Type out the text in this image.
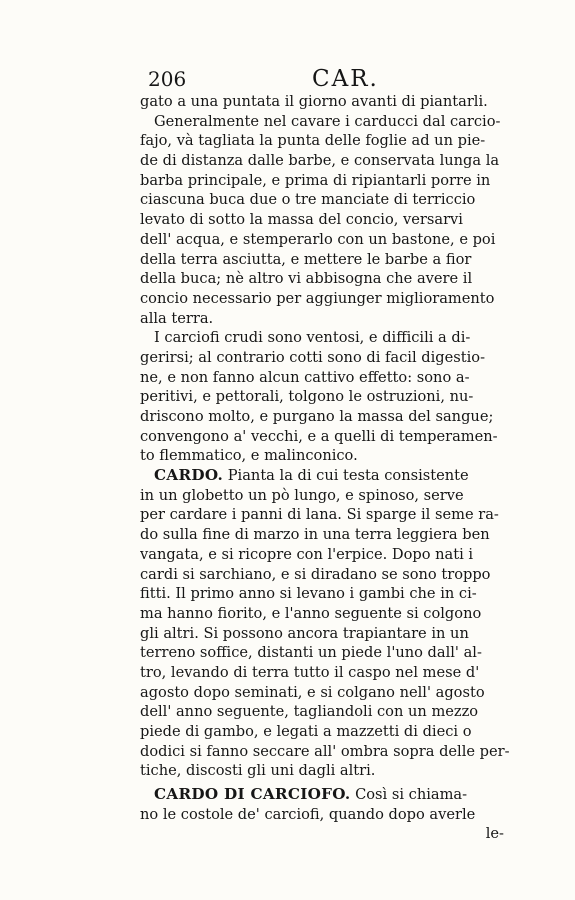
206	CAR.
gato a una puntata il giorno avanti di piantarli.
Generalmente nel cavare i carducci dal carcio-
fajo, và tagliata la punta delle foglie ad un pie-
de di distanza dalle barbe, e conservata lunga la
barba principale, e prima di ripiantarli porre in
ciascuna buca due o tre manciate di terriccio
levato di sotto la massa del concio, versarvi
dell' acqua, e stemperarlo con un bastone, e poi
della terra asciutta, e mettere le barbe a fior
della buca; nè altro vi abbisogna che avere il
concio necessario per aggiunger miglioramento
alla terra.
I carciofi crudi sono ventosi, e difficili a di-
gerirsi; al contrario cotti sono di facil digestio-
ne, e non fanno alcun cattivo effetto: sono a-
peritivi, e pettorali, tolgono le ostruzioni, nu-
driscono molto, e purgano la massa del sangue;
convengono a' vecchi, e a quelli di temperamen-
to flemmatico, e malinconico.
CARDO. Pianta la di cui testa consistente
in un globetto un pò lungo, e spinoso, serve
per cardare i panni di lana. Si sparge il seme ra-
do sulla fine di marzo in una terra leggiera ben
vangata, e si ricopre con l'erpice. Dopo nati i
cardi si sarchiano, e si diradano se sono troppo
fitti. Il primo anno si levano i gambi che in ci-
ma hanno fiorito, e l'anno seguente si colgono
gli altri. Si possono ancora trapiantare in un
terreno soffice, distanti un piede l'uno dall' al-
tro, levando di terra tutto il caspo nel mese d'
agosto dopo seminati, e si colgano nell' agosto
dell' anno seguente, tagliandoli con un mezzo
piede di gambo, e legati a mazzetti di dieci o
dodici si fanno seccare all' ombra sopra delle per-
tiche, discosti gli uni dagli altri.
CARDO DI CARCIOFO. Così si chiama-
no le costole de' carciofi, quando dopo averle
le-
